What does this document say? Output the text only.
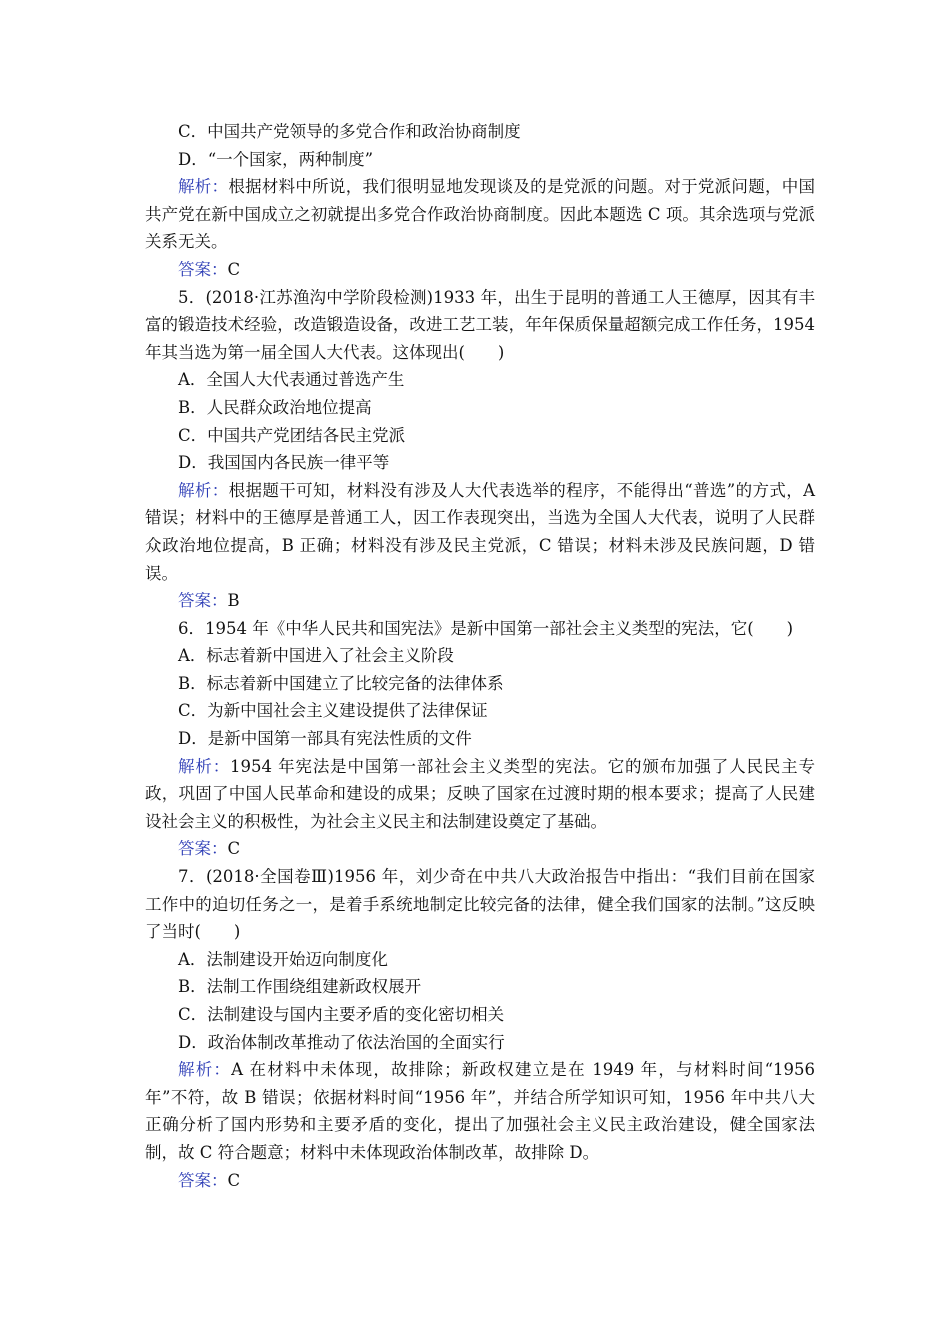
C．中国共产党领导的多党合作和政治协商制度

D．“一个国家，两种制度”

解析：根据材料中所说，我们很明显地发现谈及的是党派的问题。对于党派问题，中国共产党在新中国成立之初就提出多党合作政治协商制度。因此本题选 C 项。其余选项与党派关系无关。

答案：C

5．(2018·江苏渔沟中学阶段检测)1933 年，出生于昆明的普通工人王德厚，因其有丰富的锻造技术经验，改造锻造设备，改进工艺工装，年年保质保量超额完成工作任务，1954 年其当选为第一届全国人大代表。这体现出(　　)

A．全国人大代表通过普选产生

B．人民群众政治地位提高

C．中国共产党团结各民主党派

D．我国国内各民族一律平等

解析：根据题干可知，材料没有涉及人大代表选举的程序，不能得出“普选”的方式，A 错误；材料中的王德厚是普通工人，因工作表现突出，当选为全国人大代表，说明了人民群众政治地位提高，B 正确；材料没有涉及民主党派，C 错误；材料未涉及民族问题，D 错误。

答案：B

6．1954 年《中华人民共和国宪法》是新中国第一部社会主义类型的宪法，它(　　)

A．标志着新中国进入了社会主义阶段

B．标志着新中国建立了比较完备的法律体系

C．为新中国社会主义建设提供了法律保证

D．是新中国第一部具有宪法性质的文件

解析：1954 年宪法是中国第一部社会主义类型的宪法。它的颁布加强了人民民主专政，巩固了中国人民革命和建设的成果；反映了国家在过渡时期的根本要求；提高了人民建设社会主义的积极性，为社会主义民主和法制建设奠定了基础。

答案：C

7．(2018·全国卷Ⅲ)1956 年，刘少奇在中共八大政治报告中指出：“我们目前在国家工作中的迫切任务之一，是着手系统地制定比较完备的法律，健全我们国家的法制。”这反映了当时(　　)

A．法制建设开始迈向制度化

B．法制工作围绕组建新政权展开

C．法制建设与国内主要矛盾的变化密切相关

D．政治体制改革推动了依法治国的全面实行

解析：A 在材料中未体现，故排除；新政权建立是在 1949 年，与材料时间“1956 年”不符，故 B 错误；依据材料时间“1956 年”，并结合所学知识可知，1956 年中共八大正确分析了国内形势和主要矛盾的变化，提出了加强社会主义民主政治建设，健全国家法制，故 C 符合题意；材料中未体现政治体制改革，故排除 D。

答案：C
